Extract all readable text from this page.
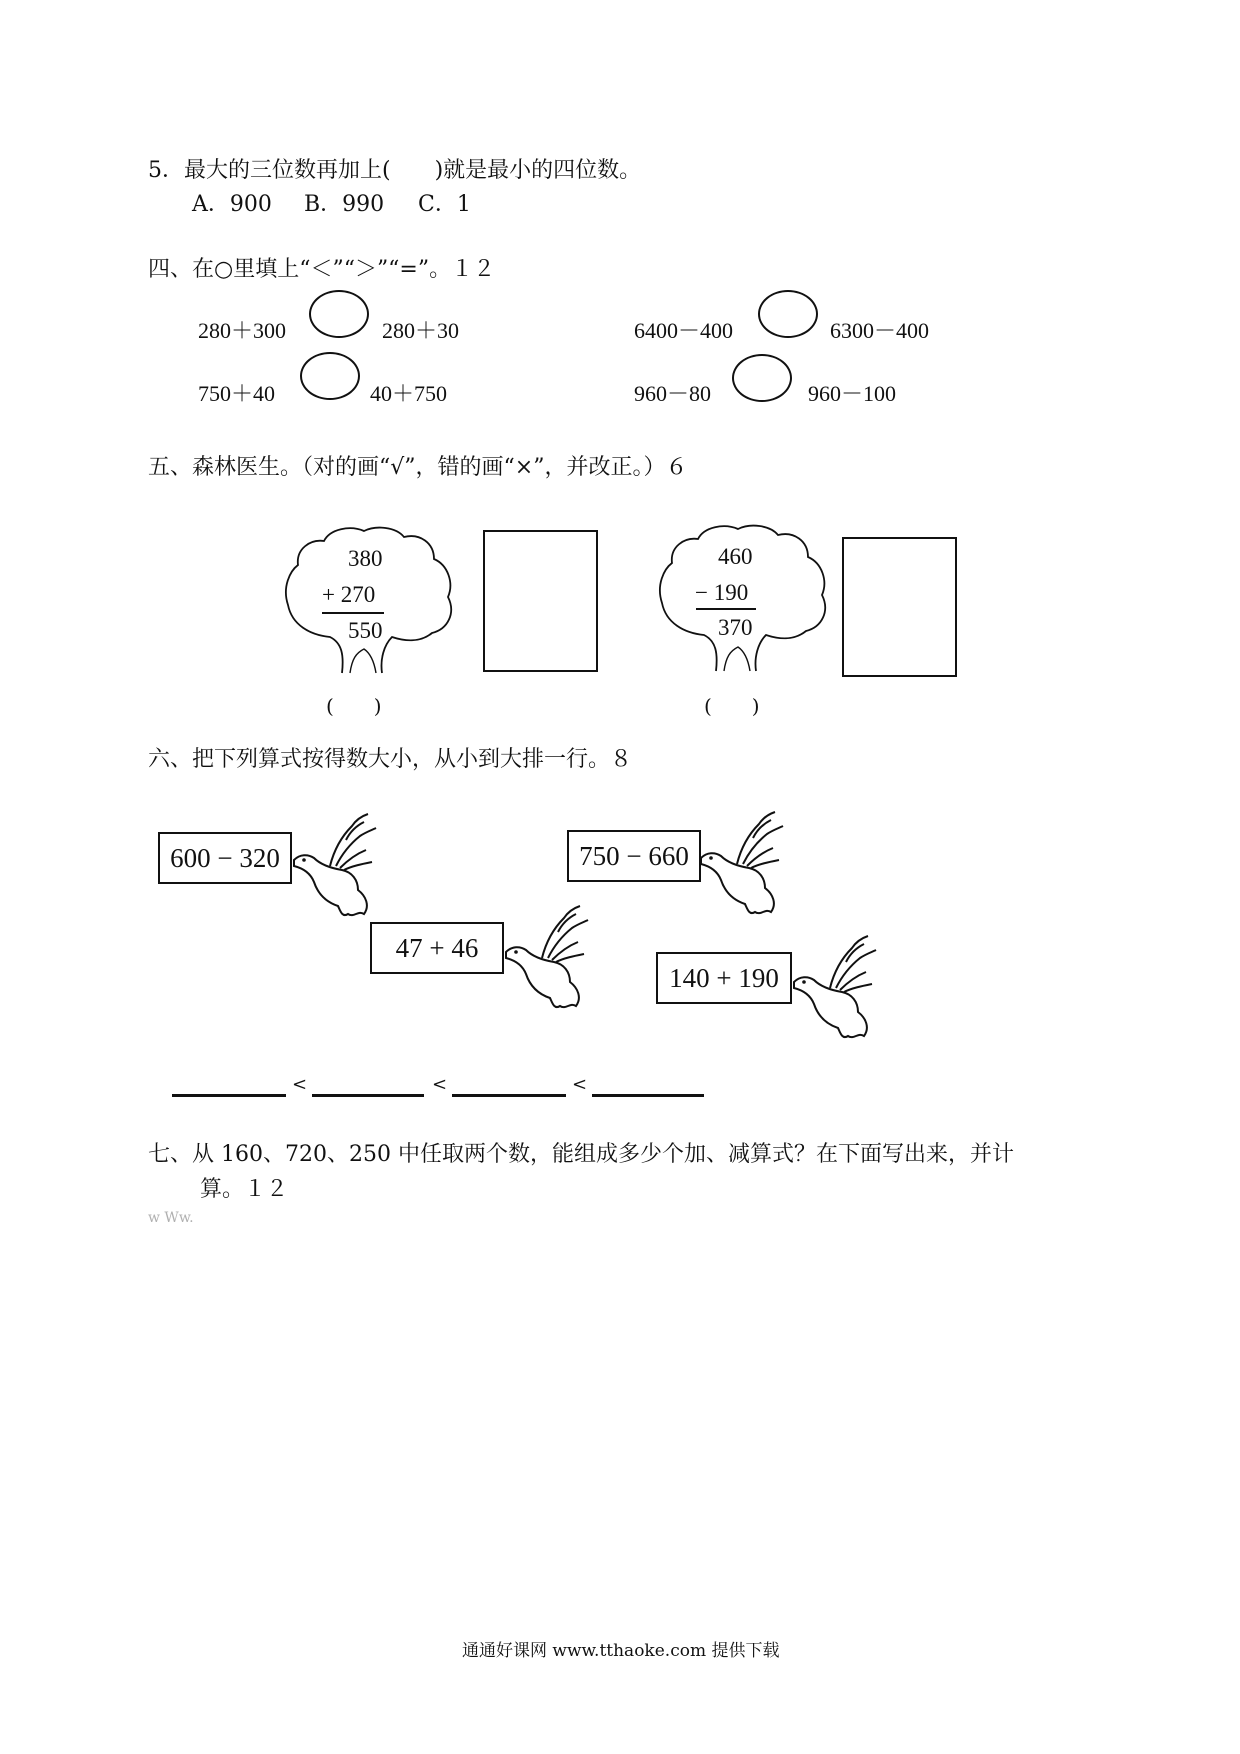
5．最大的三位数再加上(　　)就是最小的四位数。
A．900 B．990 C．1
四、在○里填上“＜”“＞”“=”。１２
280＋300	280＋30	6400－400	6300－400
750＋40	40＋750	960－80	960－100
五、森林医生。（对的画“√”，错的画“×”，并改正。）６
380
+ 270
550
(　　)
460
− 190
370
(　　)
六、把下列算式按得数大小，从小到大排一行。８
600 − 320	750 − 660
47 + 46
140 + 190
<	<	<
七、从 160、720、250 中任取两个数，能组成多少个加、减算式？在下面写出来，并计
算。１２
w Ww.
通通好课网 www.tthaoke.com 提供下载
